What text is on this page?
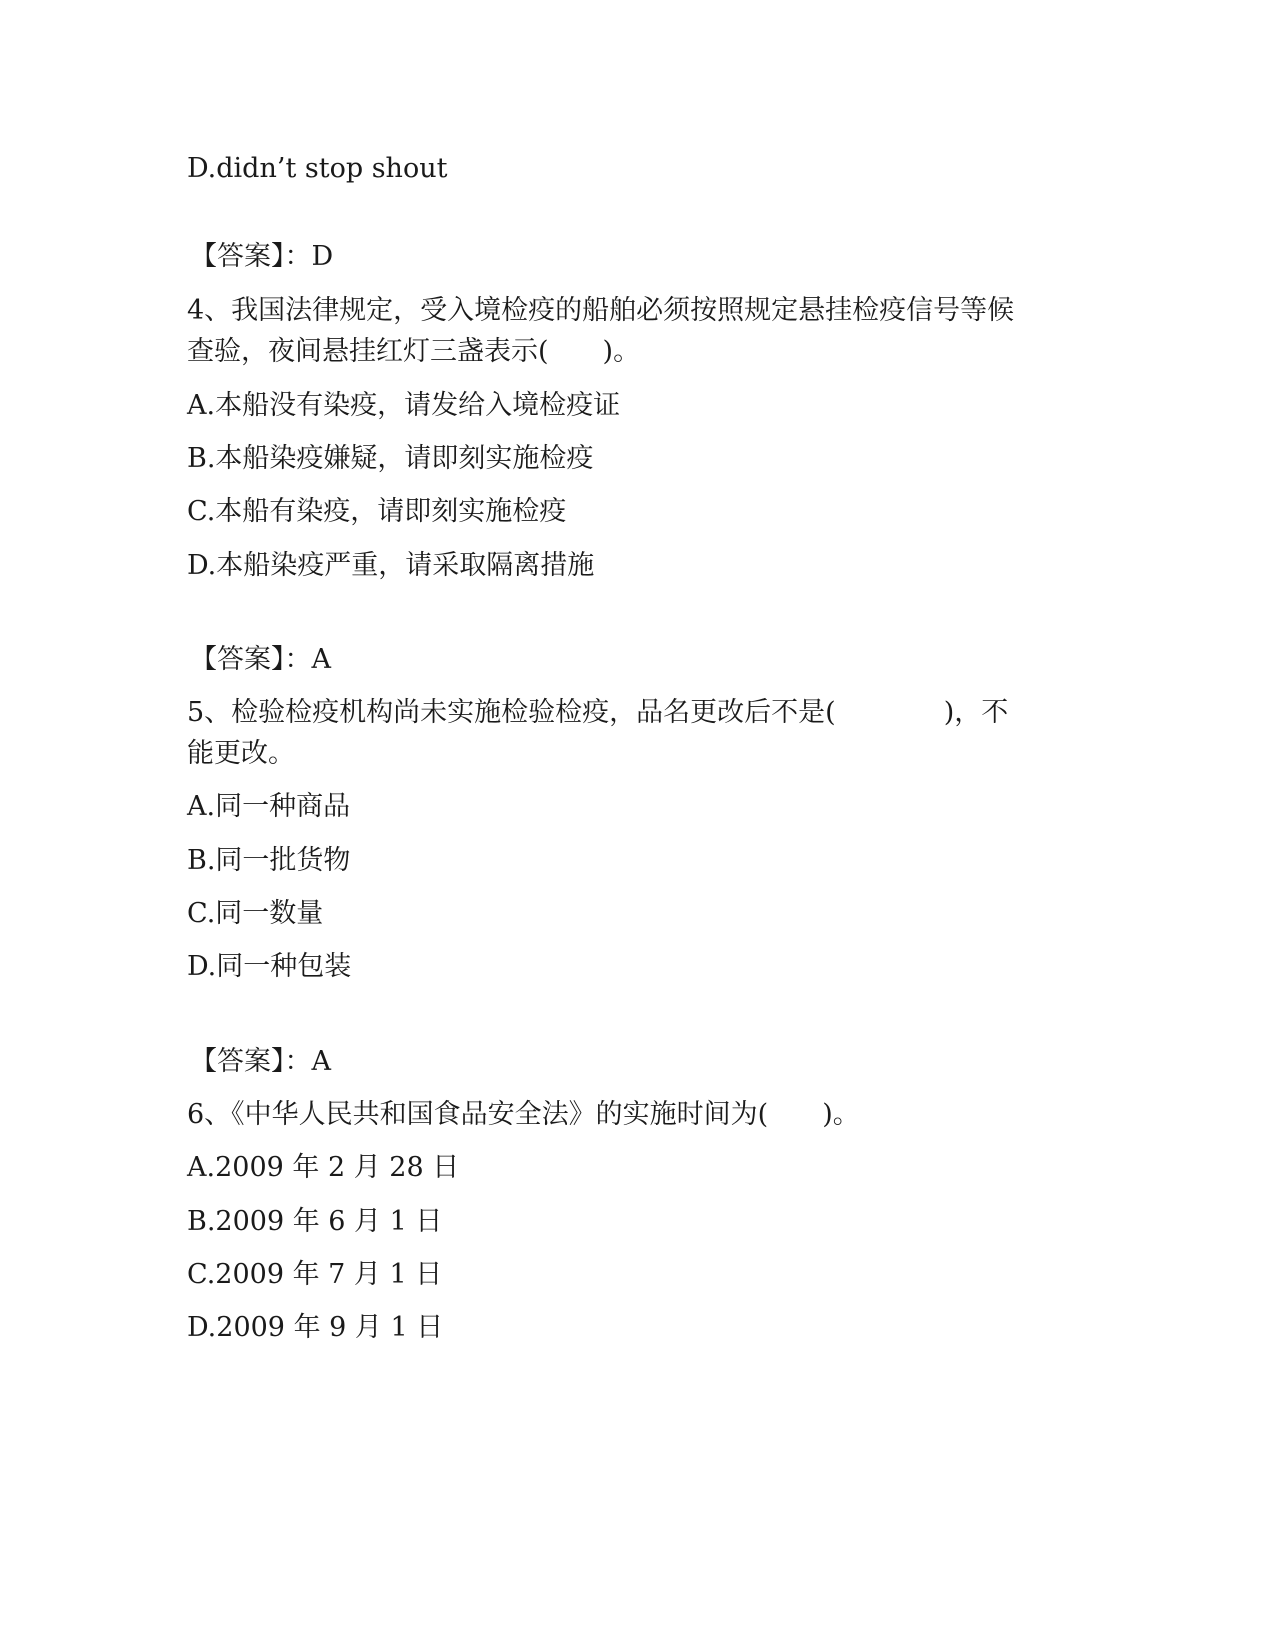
D.didn’t stop shout

【答案】：D

4、我国法律规定，受入境检疫的船舶必须按照规定悬挂检疫信号等候

查验，夜间悬挂红灯三盏表示(　　)。

A.本船没有染疫，请发给入境检疫证

B.本船染疫嫌疑，请即刻实施检疫

C.本船有染疫，请即刻实施检疫

D.本船染疫严重，请采取隔离措施

【答案】：A

5、检验检疫机构尚未实施检验检疫，品名更改后不是(　　　　)，不

能更改。

A.同一种商品

B.同一批货物

C.同一数量

D.同一种包装

【答案】：A

6、《中华人民共和国食品安全法》的实施时间为(　　)。

A.2009 年 2 月 28 日

B.2009 年 6 月 1 日

C.2009 年 7 月 1 日

D.2009 年 9 月 1 日
